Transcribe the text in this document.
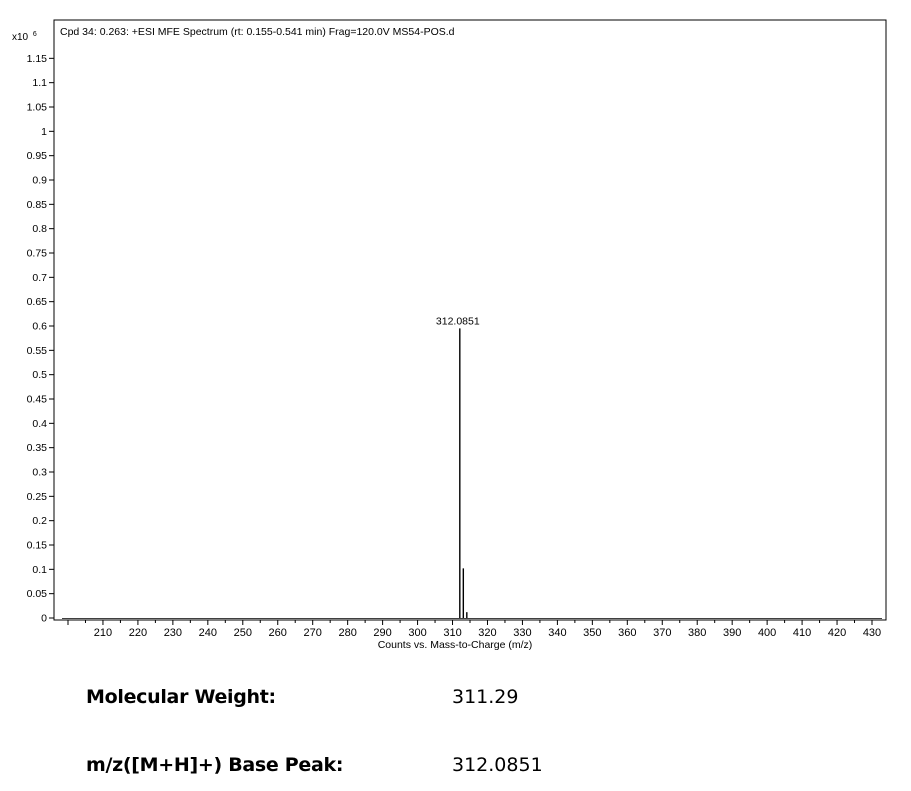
Cpd 34: 0.263: +ESI MFE Spectrum (rt: 0.155-0.541 min) Frag=120.0V MS54-POS.d
x10 $^6$
0
0.05
0.1
0.15
0.2
0.25
0.3
0.35
0.4
0.45
0.5
0.55
0.6
0.65
0.7
0.75
0.8
0.85
0.9
0.95
1
1.05
1.1
1.15
210 220 230 240 250 260 270 280 290 300 310 320 330 340 350 360 370 380 390 400 410 420 430
312.0851
Counts vs. Mass-to-Charge (m/z)
Molecular Weight:	311.29
m/z([M+H]+) Base Peak:	312.0851
